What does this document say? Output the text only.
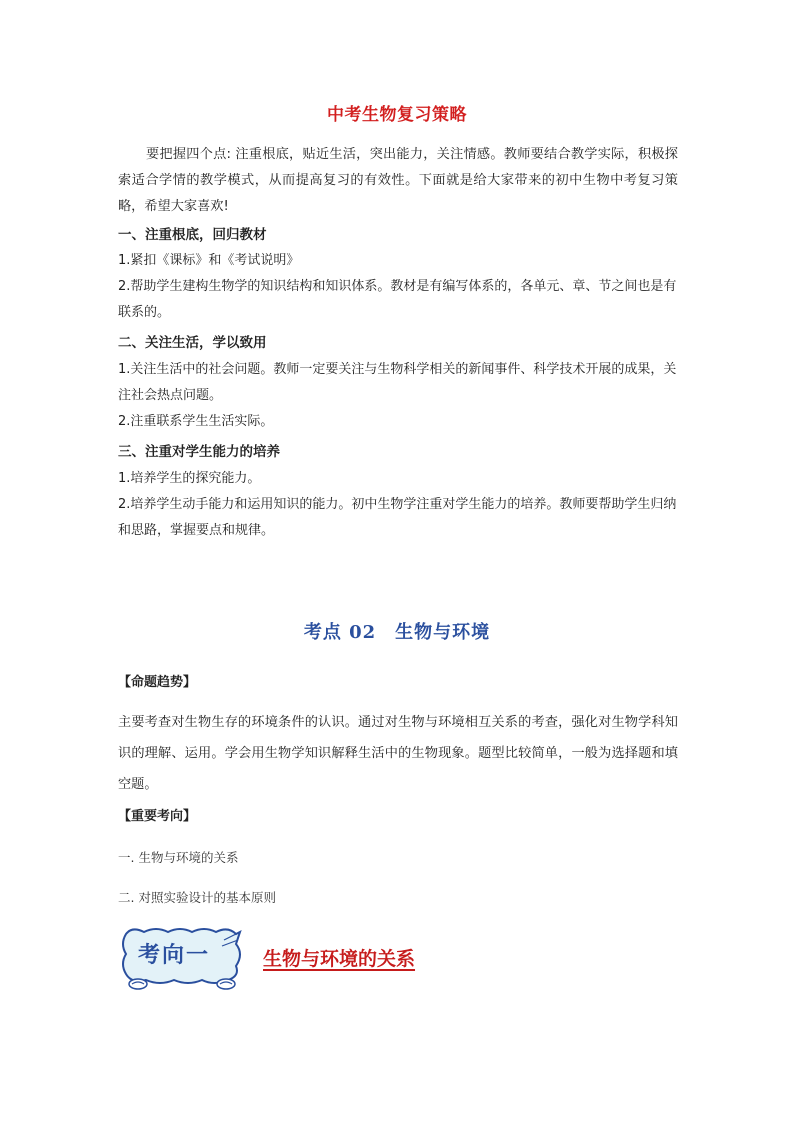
中考生物复习策略

要把握四个点: 注重根底，贴近生活，突出能力，关注情感。教师要结合教学实际，积极探索适合学情的教学模式，从而提高复习的有效性。下面就是给大家带来的初中生物中考复习策略，希望大家喜欢!

一、注重根底，回归教材

1.紧扣《课标》和《考试说明》

2.帮助学生建构生物学的知识结构和知识体系。教材是有编写体系的，各单元、章、节之间也是有联系的。

二、关注生活，学以致用

1.关注生活中的社会问题。教师一定要关注与生物科学相关的新闻事件、科学技术开展的成果，关注社会热点问题。

2.注重联系学生生活实际。

三、注重对学生能力的培养

1.培养学生的探究能力。

2.培养学生动手能力和运用知识的能力。初中生物学注重对学生能力的培养。教师要帮助学生归纳和思路，掌握要点和规律。

考点 02　生物与环境

【命题趋势】

主要考查对生物生存的环境条件的认识。通过对生物与环境相互关系的考查，强化对生物学科知识的理解、运用。学会用生物学知识解释生活中的生物现象。题型比较简单，一般为选择题和填空题。

【重要考向】

一. 生物与环境的关系

二. 对照实验设计的基本原则

考向一	生物与环境的关系
